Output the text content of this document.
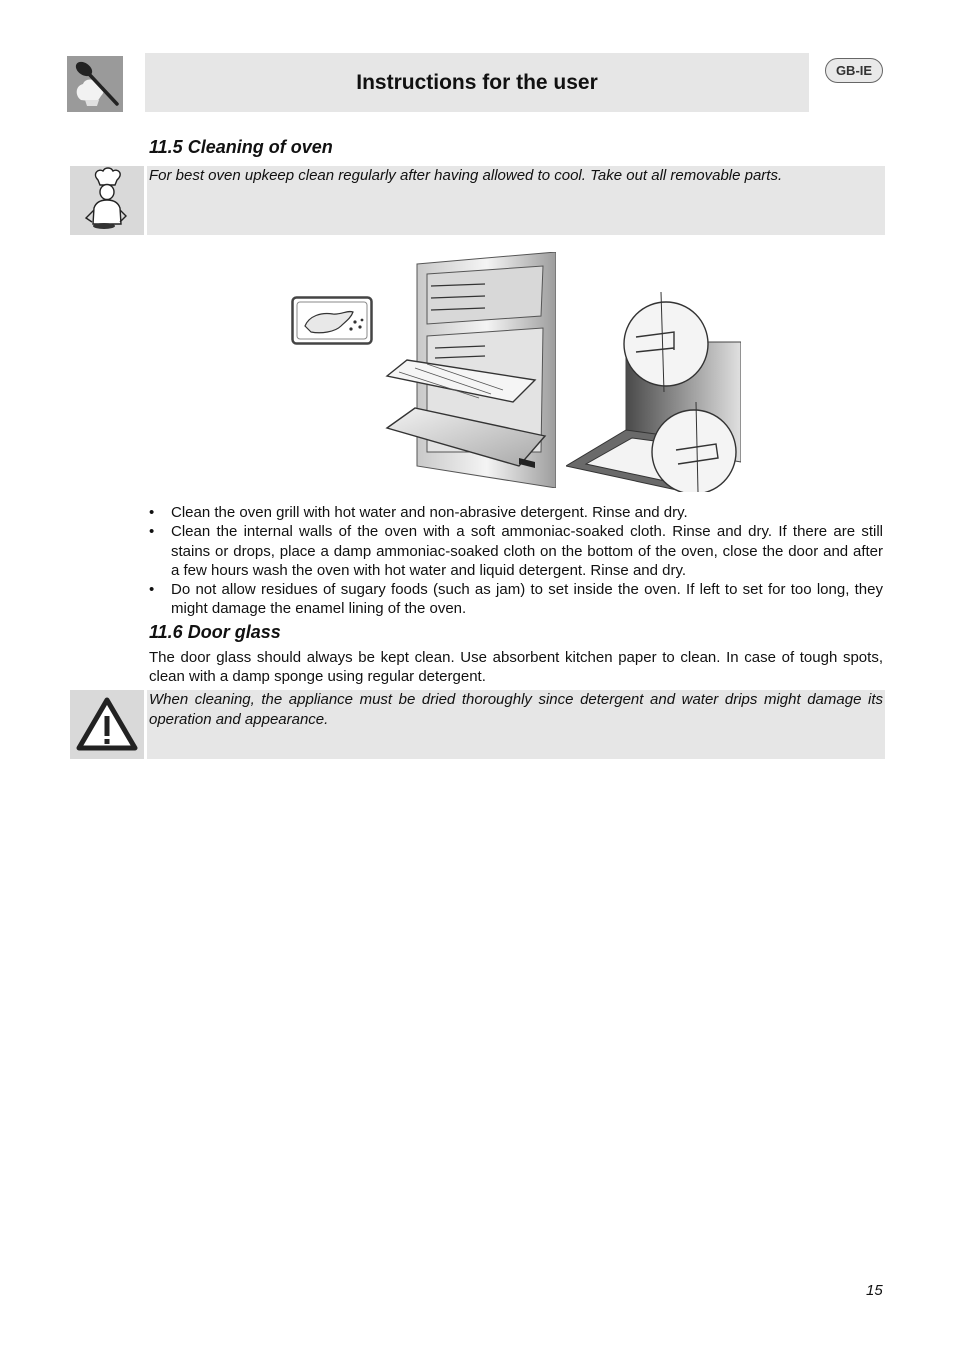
Instructions for the user	GB-IE
11.5 Cleaning of oven
For best oven upkeep clean regularly after having allowed to cool. Take out all removable parts.
• Clean the oven grill with hot water and non-abrasive detergent. Rinse and dry.
• Clean the internal walls of the oven with a soft ammoniac-soaked cloth. Rinse and dry. If there are still stains or drops, place a damp ammoniac-soaked cloth on the bottom of the oven, close the door and after a few hours wash the oven with hot water and liquid detergent. Rinse and dry.
• Do not allow residues of sugary foods (such as jam) to set inside the oven. If left to set for too long, they might damage the enamel lining of the oven.
11.6 Door glass
The door glass should always be kept clean. Use absorbent kitchen paper to clean. In case of tough spots, clean with a damp sponge using regular detergent.
When cleaning, the appliance must be dried thoroughly since detergent and water drips might damage its operation and appearance.
15
